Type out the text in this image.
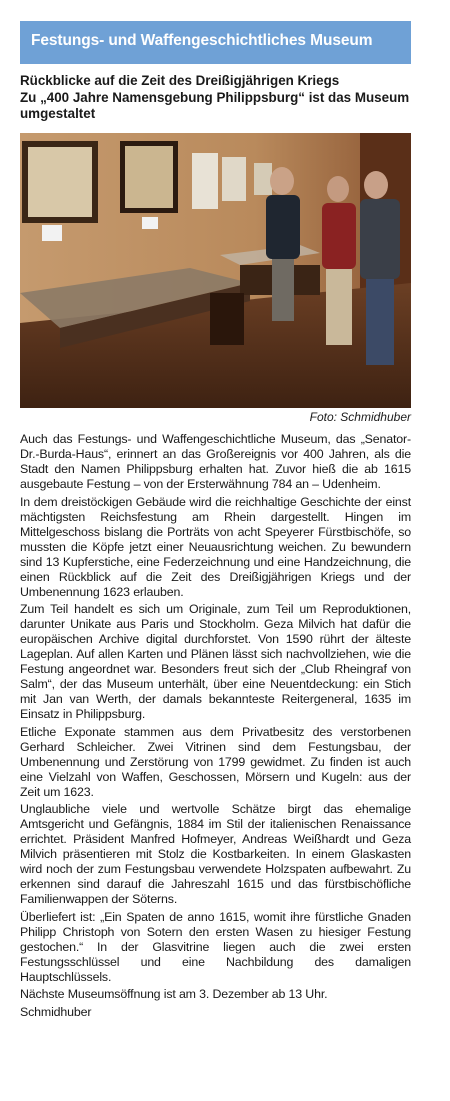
Festungs- und Waffengeschichtliches Museum
Rückblicke auf die Zeit des Dreißigjährigen Kriegs
Zu „400 Jahre Namensgebung Philippsburg“ ist das Museum umgestaltet
Foto: Schmidhuber

Auch das Festungs- und Waffengeschichtliche Museum, das „Senator-Dr.-Burda-Haus“, erinnert an das Großereignis vor 400 Jahren, als die Stadt den Namen Philippsburg erhalten hat. Zuvor hieß die ab 1615 ausgebaute Festung – von der Ersterwähnung 784 an – Udenheim.

In dem dreistöckigen Gebäude wird die reichhaltige Geschichte der einst mächtigsten Reichsfestung am Rhein dargestellt. Hingen im Mittelgeschoss bislang die Porträts von acht Speyerer Fürstbischöfe, so mussten die Köpfe jetzt einer Neuausrichtung weichen. Zu bewundern sind 13 Kupferstiche, eine Federzeichnung und eine Handzeichnung, die einen Rückblick auf die Zeit des Dreißigjährigen Kriegs und der Umbenennung 1623 erlauben.

Zum Teil handelt es sich um Originale, zum Teil um Reproduktionen, darunter Unikate aus Paris und Stockholm. Geza Milvich hat dafür die europäischen Archive digital durchforstet. Von 1590 rührt der älteste Lageplan. Auf allen Karten und Plänen lässt sich nachvollziehen, wie die Festung angeordnet war. Besonders freut sich der „Club Rheingraf von Salm“, der das Museum unterhält, über eine Neuentdeckung: ein Stich mit Jan van Werth, der damals bekannteste Reitergeneral, 1635 im Einsatz in Philippsburg.

Etliche Exponate stammen aus dem Privatbesitz des verstorbenen Gerhard Schleicher. Zwei Vitrinen sind dem Festungsbau, der Umbenennung und Zerstörung von 1799 gewidmet. Zu finden ist auch eine Vielzahl von Waffen, Geschossen, Mörsern und Kugeln: aus der Zeit um 1623.

Unglaubliche viele und wertvolle Schätze birgt das ehemalige Amtsgericht und Gefängnis, 1884 im Stil der italienischen Renaissance errichtet. Präsident Manfred Hofmeyer, Andreas Weißhardt und Geza Milvich präsentieren mit Stolz die Kostbarkeiten. In einem Glaskasten wird noch der zum Festungsbau verwendete Holzspaten aufbewahrt. Zu erkennen sind darauf die Jahreszahl 1615 und das fürstbischöfliche Familienwappen der Söterns.

Überliefert ist: „Ein Spaten de anno 1615, womit ihre fürstliche Gnaden Philipp Christoph von Sotern den ersten Wasen zu hiesiger Festung gestochen.“ In der Glasvitrine liegen auch die zwei ersten Festungsschlüssel und eine Nachbildung des damaligen Hauptschlüssels.

Nächste Museumsöffnung ist am 3. Dezember ab 13 Uhr.

Schmidhuber
